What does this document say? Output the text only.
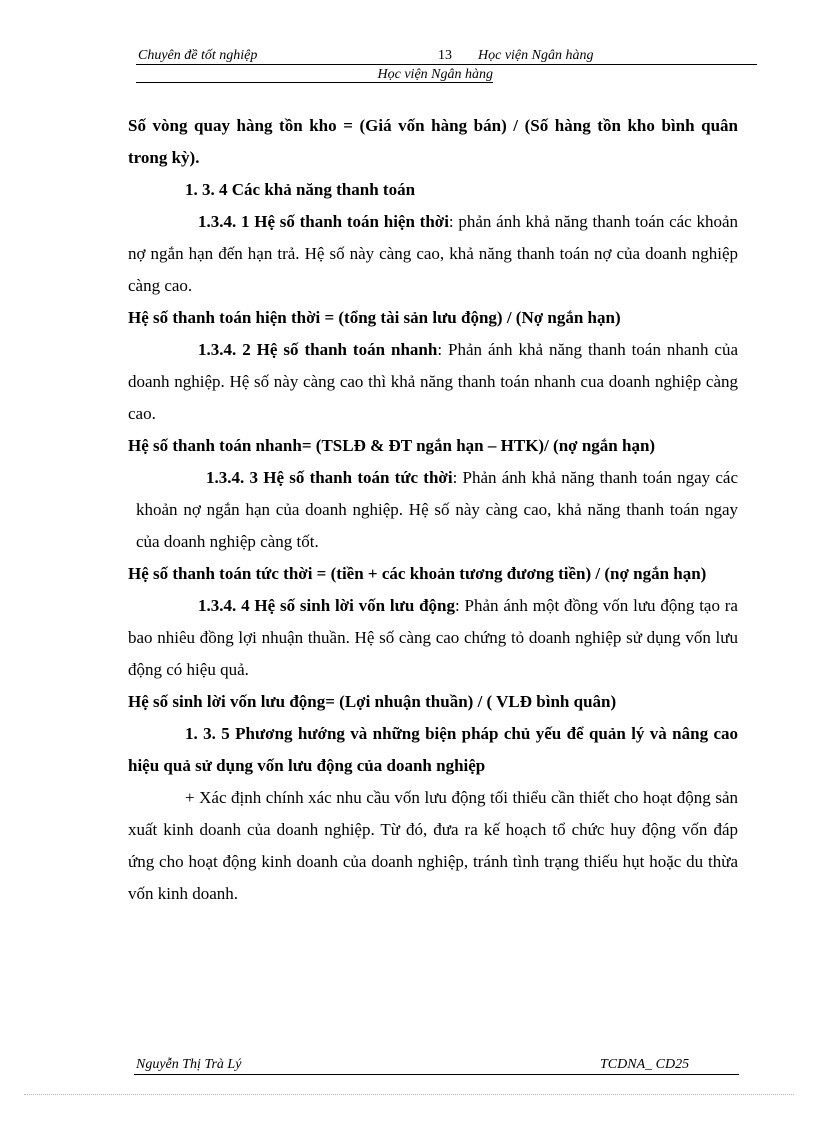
Chuyên đề tốt nghiệp	13 Học viện Ngân hàng
Học viện Ngân hàng

Số vòng quay hàng tồn kho = (Giá vốn hàng bán) / (Số hàng tồn kho bình quân trong kỳ).

1. 3. 4 Các khả năng thanh toán

1.3.4. 1 Hệ số thanh toán hiện thời: phản ánh khả năng thanh toán các khoản nợ ngắn hạn đến hạn trả. Hệ số này càng cao, khả năng thanh toán nợ của doanh nghiệp càng cao.

Hệ số thanh toán hiện thời = (tổng tài sản lưu động) / (Nợ ngắn hạn)

1.3.4. 2 Hệ số thanh toán nhanh: Phản ánh khả năng thanh toán nhanh của doanh nghiệp. Hệ số này càng cao thì khả năng thanh toán nhanh cua doanh nghiệp càng cao.

Hệ số thanh toán nhanh= (TSLĐ & ĐT ngắn hạn – HTK)/ (nợ ngắn hạn)

1.3.4. 3 Hệ số thanh toán tức thời: Phản ánh khả năng thanh toán ngay các khoản nợ ngắn hạn của doanh nghiệp. Hệ số này càng cao, khả năng thanh toán ngay của doanh nghiệp càng tốt.

Hệ số thanh toán tức thời = (tiền + các khoản tương đương tiền) / (nợ ngắn hạn)

1.3.4. 4 Hệ số sinh lời vốn lưu động: Phản ánh một đồng vốn lưu động tạo ra bao nhiêu đồng lợi nhuận thuần. Hệ số càng cao chứng tỏ doanh nghiệp sử dụng vốn lưu động có hiệu quả.

Hệ số sinh lời vốn lưu động= (Lợi nhuận thuần) / ( VLĐ bình quân)

1. 3. 5 Phương hướng và những biện pháp chủ yếu để quản lý và nâng cao hiệu quả sử dụng vốn lưu động của doanh nghiệp

+ Xác định chính xác nhu cầu vốn lưu động tối thiểu cần thiết cho hoạt động sản xuất kinh doanh của doanh nghiệp. Từ đó, đưa ra kế hoạch tổ chức huy động vốn đáp ứng cho hoạt động kinh doanh của doanh nghiệp, tránh tình trạng thiếu hụt hoặc du thừa vốn kinh doanh.

Nguyễn Thị Trà Lý	TCDNA_ CD25
